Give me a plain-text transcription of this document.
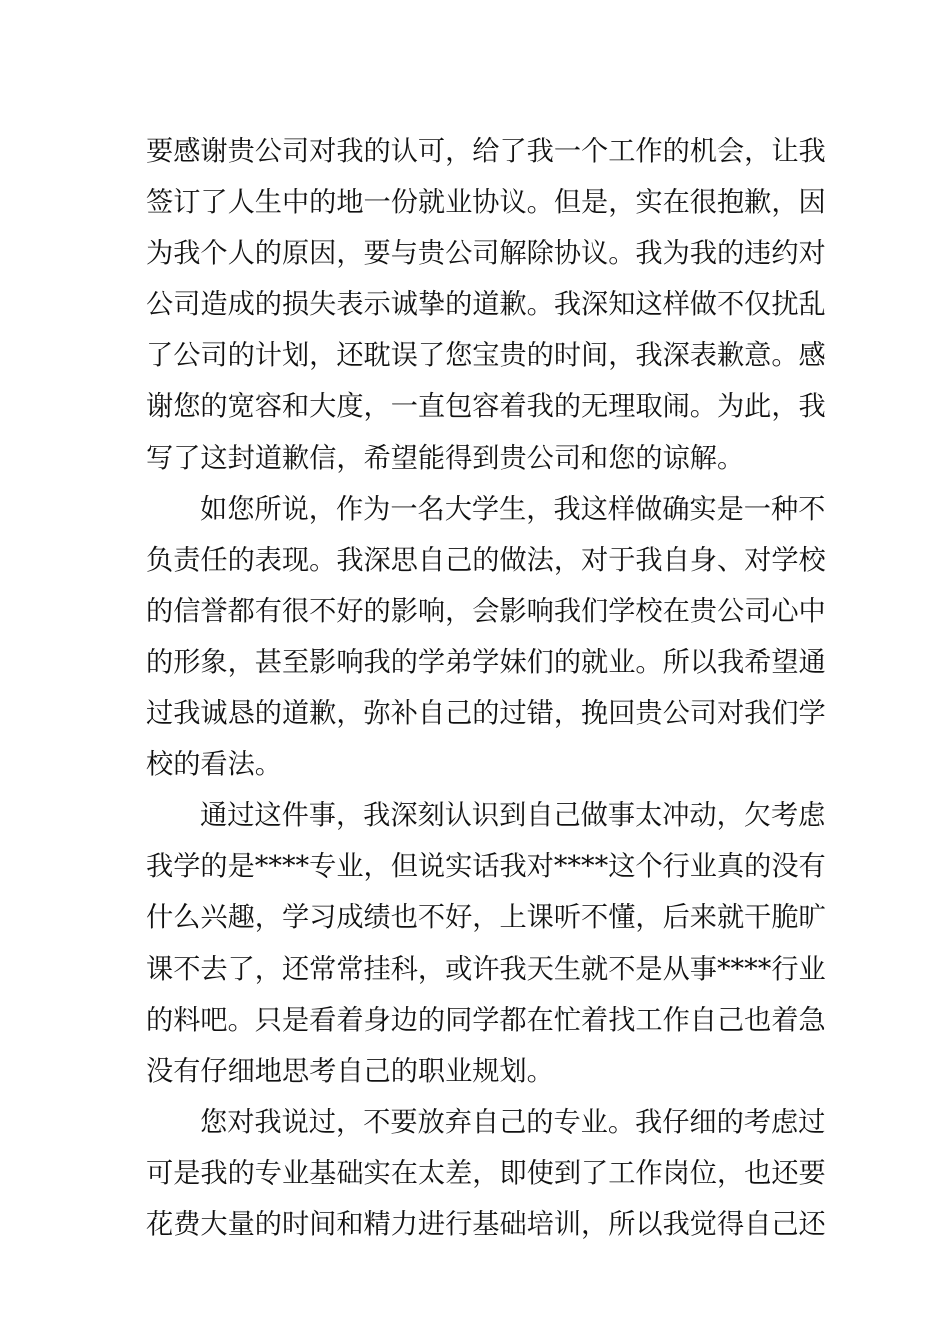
要感谢贵公司对我的认可，给了我一个工作的机会，让我
签订了人生中的地一份就业协议。但是，实在很抱歉，因
为我个人的原因，要与贵公司解除协议。我为我的违约对
公司造成的损失表示诚挚的道歉。我深知这样做不仅扰乱
了公司的计划，还耽误了您宝贵的时间，我深表歉意。感
谢您的宽容和大度，一直包容着我的无理取闹。为此，我
写了这封道歉信，希望能得到贵公司和您的谅解。
如您所说，作为一名大学生，我这样做确实是一种不
负责任的表现。我深思自己的做法，对于我自身、对学校
的信誉都有很不好的影响，会影响我们学校在贵公司心中
的形象，甚至影响我的学弟学妹们的就业。所以我希望通
过我诚恳的道歉，弥补自己的过错，挽回贵公司对我们学
校的看法。
通过这件事，我深刻认识到自己做事太冲动，欠考虑
我学的是****专业，但说实话我对****这个行业真的没有
什么兴趣，学习成绩也不好，上课听不懂，后来就干脆旷
课不去了，还常常挂科，或许我天生就不是从事****行业
的料吧。只是看着身边的同学都在忙着找工作自己也着急
没有仔细地思考自己的职业规划。
您对我说过，不要放弃自己的专业。我仔细的考虑过
可是我的专业基础实在太差，即使到了工作岗位，也还要
花费大量的时间和精力进行基础培训，所以我觉得自己还
